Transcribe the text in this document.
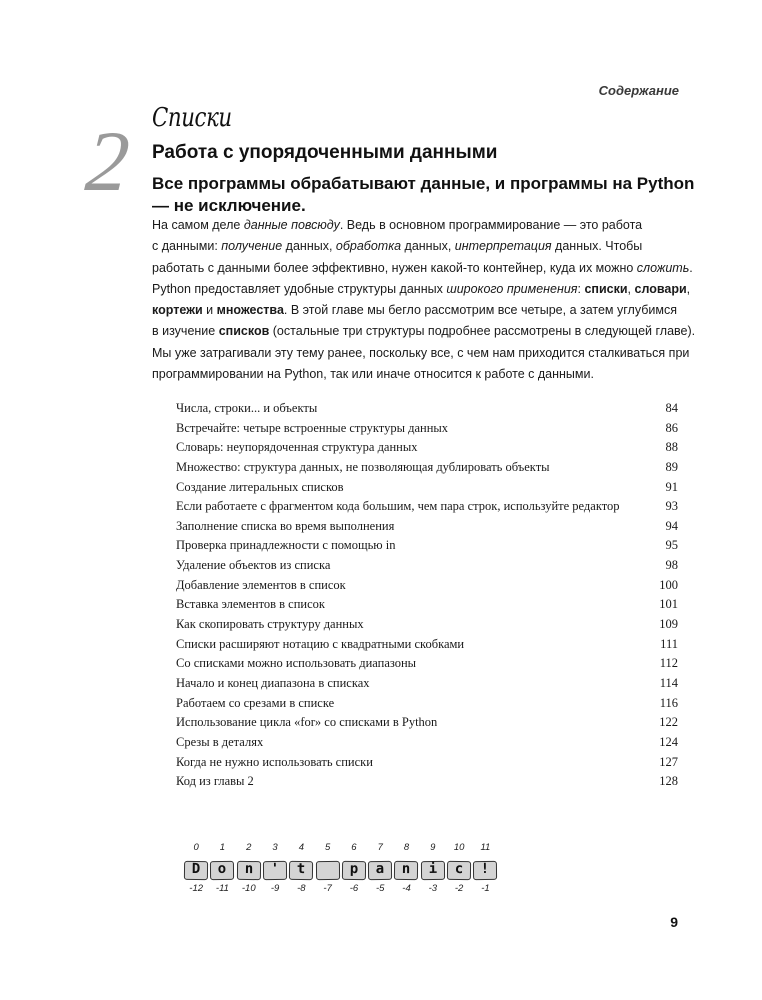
Содержание
2 Списки
Работа с упорядоченными данными
Все программы обрабатывают данные, и программы на Python — не исключение.
На самом деле данные повсюду. Ведь в основном программирование — это работа
с данными: получение данных, обработка данных, интерпретация данных. Чтобы
работать с данными более эффективно, нужен какой-то контейнер, куда их можно сложить.
Python предоставляет удобные структуры данных широкого применения: списки, словари,
кортежи и множества. В этой главе мы бегло рассмотрим все четыре, а затем углубимся
в изучение списков (остальные три структуры подробнее рассмотрены в следующей главе).
Мы уже затрагивали эту тему ранее, поскольку все, с чем нам приходится сталкиваться при
программировании на Python, так или иначе относится к работе с данными.
Числа, строки... и объекты	84
Встречайте: четыре встроенные структуры данных	86
Словарь: неупорядоченная структура данных	88
Множество: структура данных, не позволяющая дублировать объекты	89
Создание литеральных списков	91
Если работаете с фрагментом кода большим, чем пара строк, используйте редактор	93
Заполнение списка во время выполнения	94
Проверка принадлежности с помощью in	95
Удаление объектов из списка	98
Добавление элементов в список	100
Вставка элементов в список	101
Как скопировать структуру данных	109
Списки расширяют нотацию с квадратными скобками	111
Со списками можно использовать диапазоны	112
Начало и конец диапазона в списках	114
Работаем со срезами в списке	116
Использование цикла «for» со списками в Python	122
Срезы в деталях	124
Когда не нужно использовать списки	127
Код из главы 2	128
0	1	2	3	4	5	6	7	8	9	10	11
D	o	n	'	t	p	a	n	i	c	!
-12	-11	-10	-9	-8	-7	-6	-5	-4	-3	-2	-1
9
